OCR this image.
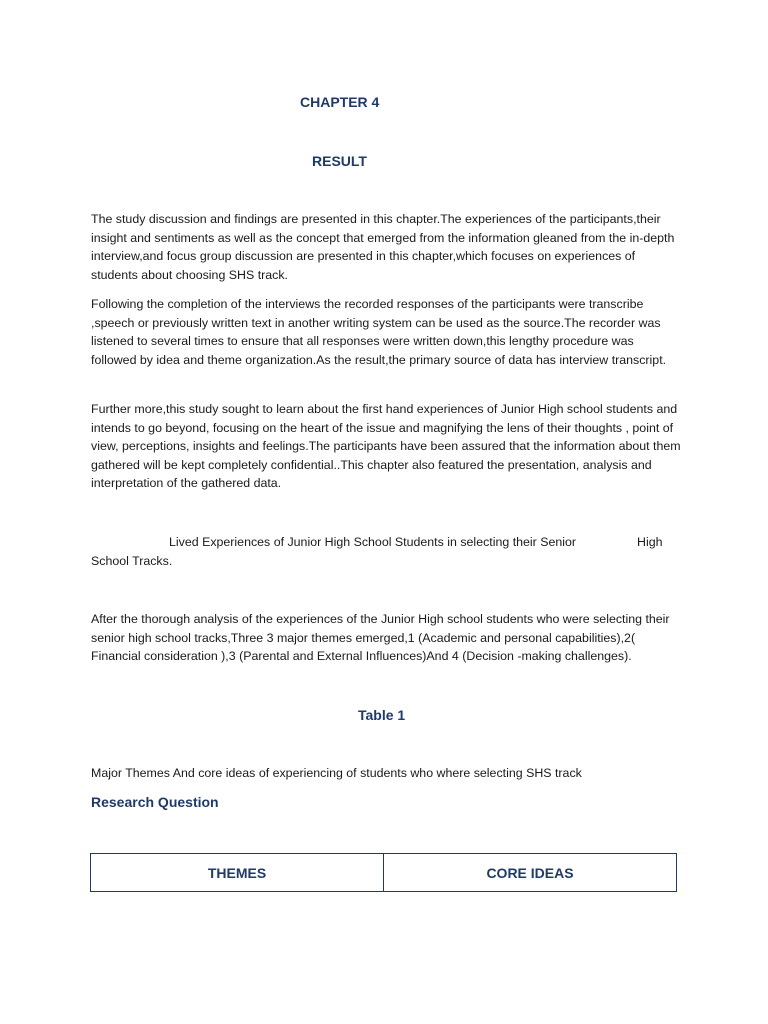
CHAPTER 4
RESULT

The study discussion and findings are presented in this chapter.The experiences of the participants,their insight and sentiments as well as the concept that emerged from the information gleaned from the in-depth interview,and focus group discussion are presented in this chapter,which focuses on experiences of students about choosing SHS track.

Following the completion of the interviews the recorded responses of the participants were transcribe ,speech or previously written text in another writing system can be used as the source.The recorder was listened to several times to ensure that all responses were written down,this lengthy procedure was followed by idea and theme organization.As the result,the primary source of data has interview transcript.

Further more,this study sought to learn about the first hand experiences of Junior High school students and intends to go beyond, focusing on the heart of the issue and magnifying the lens of their thoughts , point of view, perceptions, insights and feelings.The participants have been assured that the information about them gathered will be kept completely confidential..This chapter also featured the presentation, analysis and interpretation of the gathered data.

Lived Experiences of Junior High School Students in selecting their Senior	High
School Tracks.

After the thorough analysis of the experiences of the Junior High school students who were selecting their senior high school tracks,Three 3 major themes emerged,1 (Academic and personal capabilities),2( Financial consideration ),3 (Parental and External Influences)And 4 (Decision -making challenges).

Table 1

Major Themes And core ideas of experiencing of students who where selecting SHS track

Research Question
THEMES	CORE IDEAS
